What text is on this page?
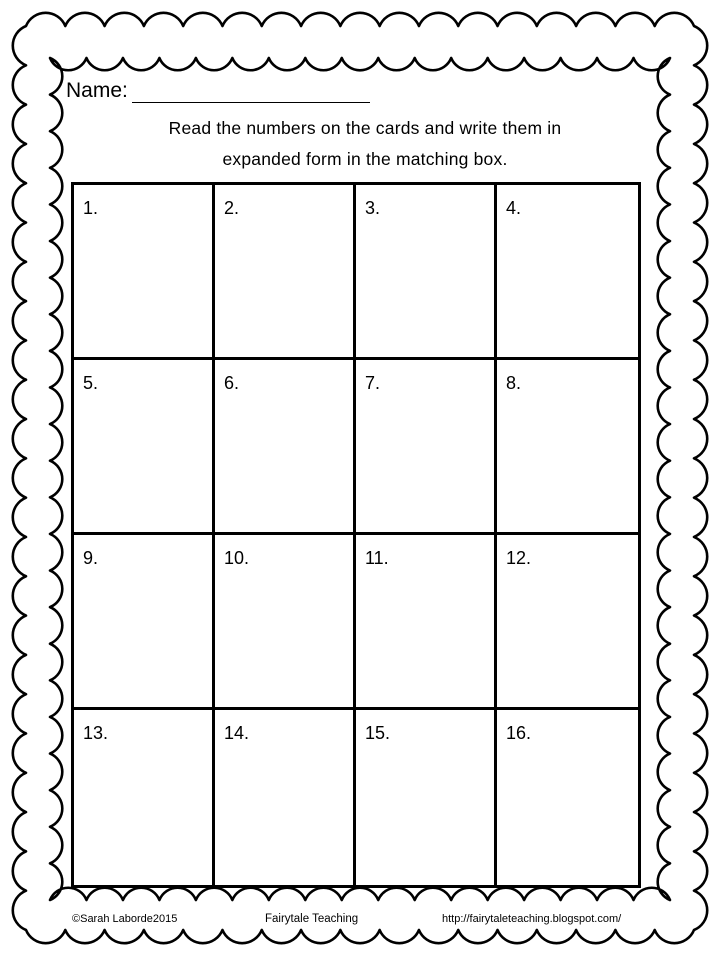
Name:
Read the numbers on the cards and write them in
expanded form in the matching box.
1.	2.	3.	4.
5.	6.	7.	8.
9.	10.	11.	12.
13.	14.	15.	16.
©Sarah Laborde2015	Fairytale Teaching	http://fairytaleteaching.blogspot.com/
